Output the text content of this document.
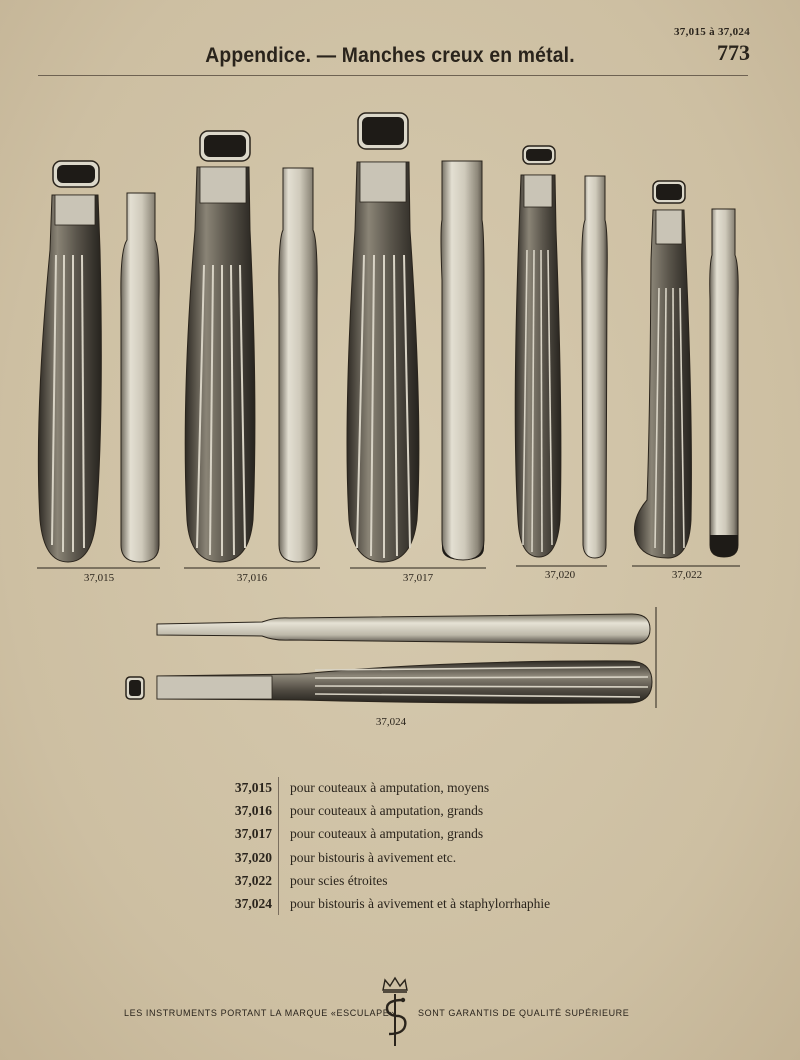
37,015 à 37,024
773
Appendice. — Manches creux en métal.
37,015	37,016	37,017	37,020	37,022
37,024
37,015 pour couteaux à amputation, moyens
37,016 pour couteaux à amputation, grands
37,017 pour couteaux à amputation, grands
37,020 pour bistouris à avivement etc.
37,022 pour scies étroites
37,024 pour bistouris à avivement et à staphylorrhaphie
LES INSTRUMENTS PORTANT LA MARQUE «ESCULAPE»	SONT GARANTIS DE QUALITÉ SUPÉRIEURE
